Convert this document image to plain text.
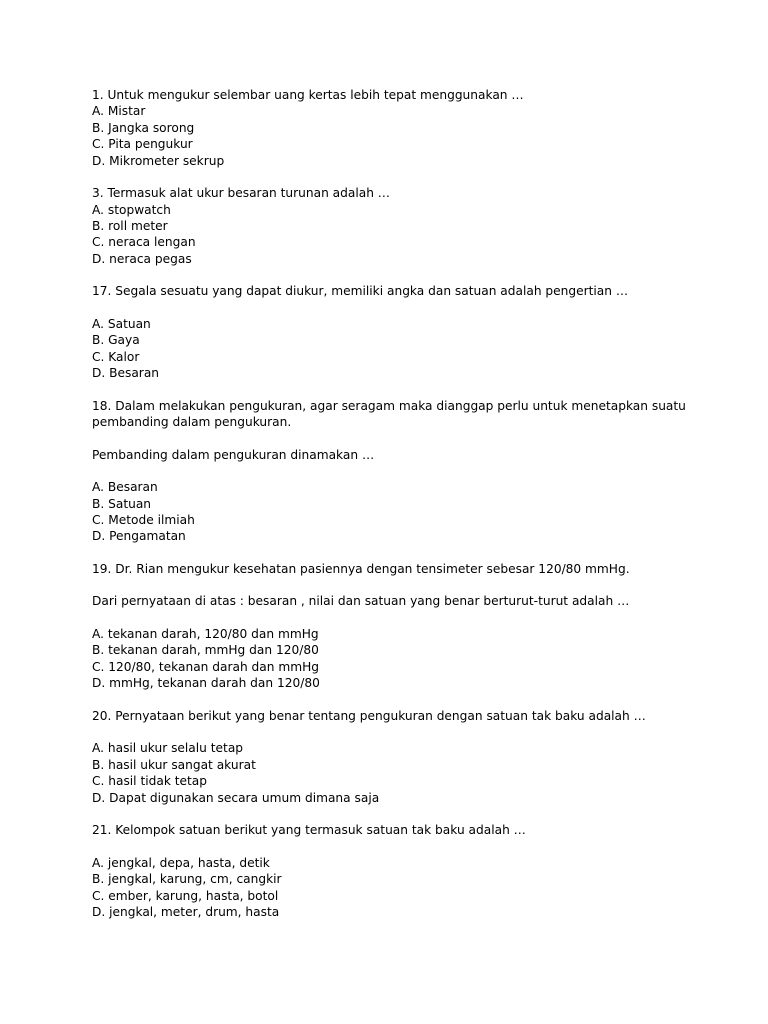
1. Untuk mengukur selembar uang kertas lebih tepat menggunakan …

A. Mistar

B. Jangka sorong

C. Pita pengukur

D. Mikrometer sekrup

3. Termasuk alat ukur besaran turunan adalah …

A. stopwatch

B. roll meter

C. neraca lengan

D. neraca pegas

17. Segala sesuatu yang dapat diukur, memiliki angka dan satuan adalah pengertian …

A. Satuan

B. Gaya

C. Kalor

D. Besaran

18. Dalam melakukan pengukuran, agar seragam maka dianggap perlu untuk menetapkan suatu

pembanding dalam pengukuran.

Pembanding dalam pengukuran dinamakan …

A. Besaran

B. Satuan

C. Metode ilmiah

D. Pengamatan

19. Dr. Rian mengukur kesehatan pasiennya dengan tensimeter sebesar 120/80 mmHg.

Dari pernyataan di atas : besaran , nilai dan satuan yang benar berturut-turut adalah …

A. tekanan darah, 120/80 dan mmHg

B. tekanan darah, mmHg dan 120/80

C. 120/80, tekanan darah dan mmHg

D. mmHg, tekanan darah dan 120/80

20. Pernyataan berikut yang benar tentang pengukuran dengan satuan tak baku adalah …

A. hasil ukur selalu tetap

B. hasil ukur sangat akurat

C. hasil tidak tetap

D. Dapat digunakan secara umum dimana saja

21. Kelompok satuan berikut yang termasuk satuan tak baku adalah …

A. jengkal, depa, hasta, detik

B. jengkal, karung, cm, cangkir

C. ember, karung, hasta, botol

D. jengkal, meter, drum, hasta
